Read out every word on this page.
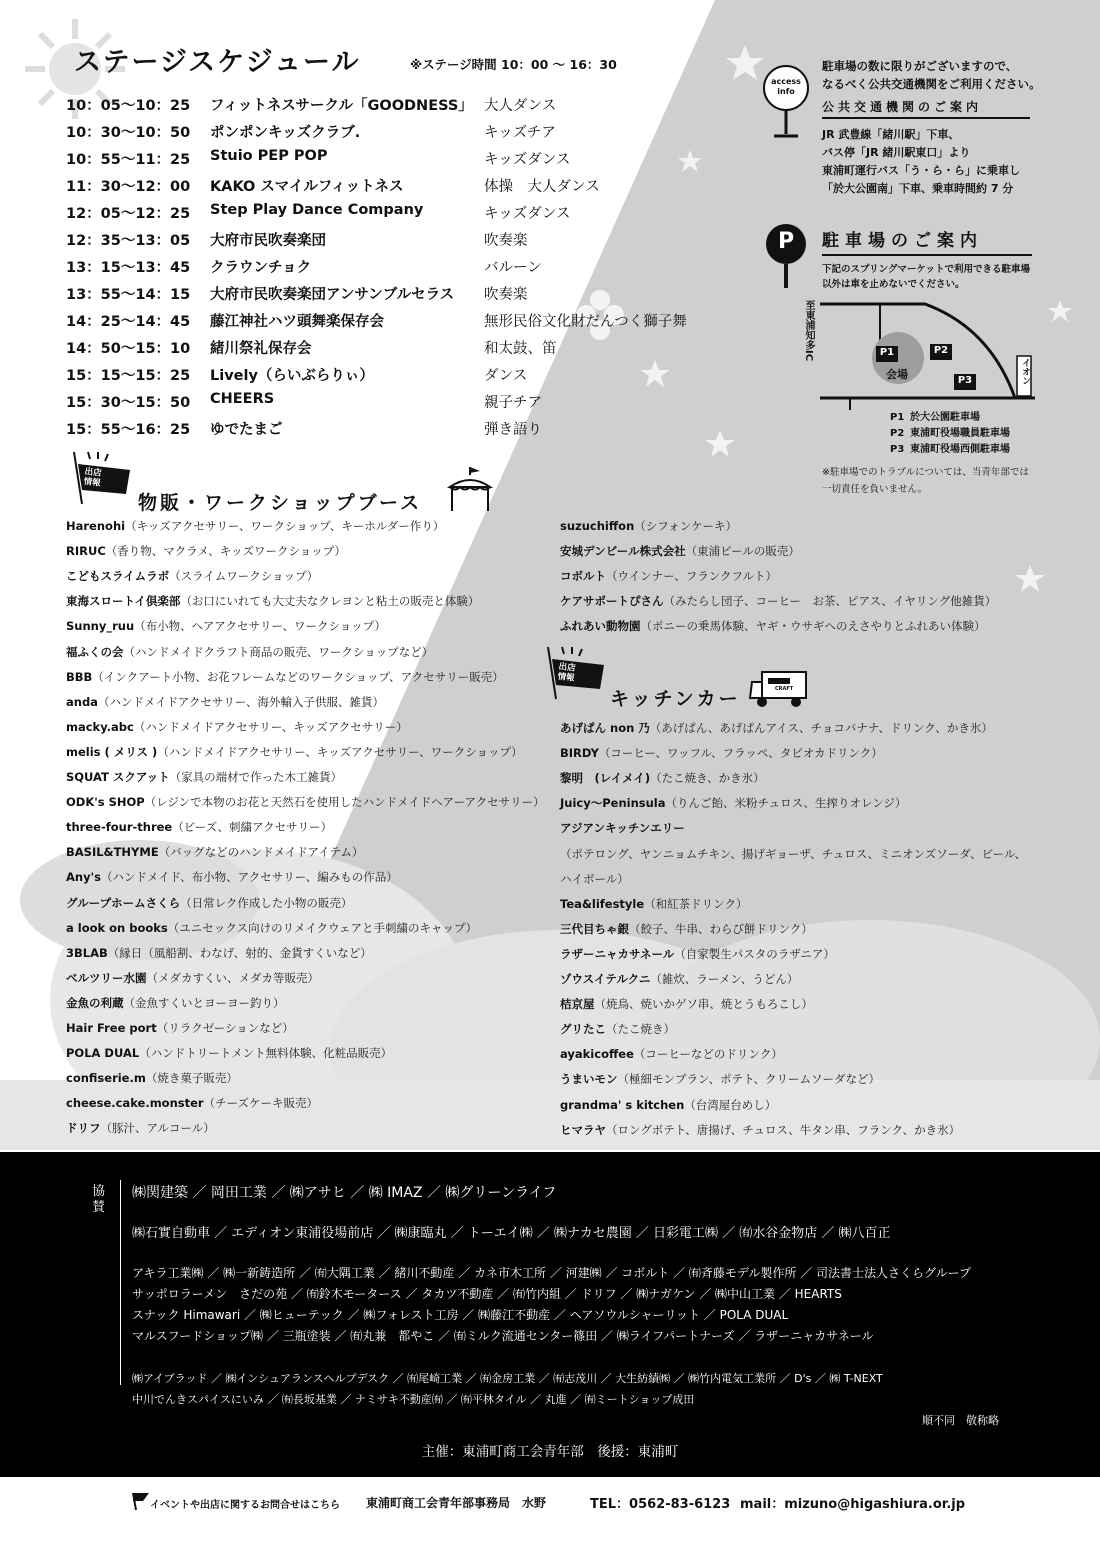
ステージスケジュール	※ステージ時間 10：00 ～ 16：30
10：05～10：25 フィットネスサークル「GOODNESS」 大人ダンス
10：30～10：50 ポンポンキッズクラブ.	キッズチア
10：55～11：25 Stuio PEP POP	キッズダンス
11：30～12：00 KAKO スマイルフィットネス	体操　大人ダンス
12：05～12：25 Step Play Dance Company	キッズダンス
12：35～13：05 大府市民吹奏楽団	吹奏楽
13：15～13：45 クラウンチョク	バルーン
13：55～14：15 大府市民吹奏楽団アンサンブルセラス 吹奏楽
14：25～14：45 藤江神社ハツ頭舞楽保存会	無形民俗文化財だんつく獅子舞
14：50～15：10 緒川祭礼保存会	和太鼓、笛
15：15～15：25 Lively（らいぶらりぃ）	ダンス
15：30～15：50 CHEERS	親子チア
15：55～16：25 ゆでたまご	弾き語り
access
info
駐車場の数に限りがございますので、
なるべく公共交通機関をご利用ください。
公共交通機関のご案内
JR 武豊線「緒川駅」下車、
バス停「JR 緒川駅東口」より
東浦町運行バス「う・ら・ら」に乗車し
「於大公園南」下車、乗車時間約 7 分
P 駐車場のご案内
下記のスプリングマーケットで利用できる駐車場
以外は車を止めないでください。
P1	P2
P3
会場	イオン
至東浦知多IC
P1 於大公園駐車場
P2 東浦町役場職員駐車場
P3 東浦町役場西側駐車場
※駐車場でのトラブルについては、当青年部では
一切責任を負いません。
出店
情報
物販・ワークショップブース
Harenohi（キッズアクセサリー、ワークショップ、キーホルダー作り）
RIRUC（香り物、マクラメ、キッズワークショップ）
こどもスライムラボ（スライムワークショップ）
東海スロートイ倶楽部（お口にいれても大丈夫なクレヨンと粘土の販売と体験）
Sunny_ruu（布小物、ヘアアクセサリー、ワークショップ）
福ふくの会（ハンドメイドクラフト商品の販売、ワークショップなど）
BBB（インクアート小物、お花フレームなどのワークショップ、アクセサリー販売）
anda（ハンドメイドアクセサリー、海外輸入子供服、雑貨）
macky.abc（ハンドメイドアクセサリー、キッズアクセサリー）
melis ( メリス )（ハンドメイドアクセサリー、キッズアクセサリー、ワークショップ）
SQUAT スクアット（家具の端材で作った木工雑貨）
ODK's SHOP（レジンで本物のお花と天然石を使用したハンドメイドヘアーアクセサリー）
three-four-three（ビーズ、刺繍アクセサリー）
BASIL&THYME（バッグなどのハンドメイドアイテム）
Any's（ハンドメイド、布小物、アクセサリー、編みもの作品）
グループホームさくら（日常レク作成した小物の販売）
a look on books（ユニセックス向けのリメイクウェアと手刺繍のキャップ）
3BLAB（縁日（風船割、わなげ、射的、金貨すくいなど）
ベルツリー水園（メダカすくい、メダカ等販売）
金魚の利蔵（金魚すくいとヨーヨー釣り）
Hair Free port（リラクゼーションなど）
POLA DUAL（ハンドトリートメント無料体験、化粧品販売）
confiserie.m（焼き菓子販売）
cheese.cake.monster（チーズケーキ販売）
ドリフ（豚汁、アルコール）
suzuchiffon（シフォンケーキ）
安城デンビール株式会社（東浦ビールの販売）
コボルト（ウインナー、フランクフルト）
ケアサポートぴさん（みたらし団子、コーヒー　お茶、ピアス、イヤリング他雑貨）
ふれあい動物園（ポニーの乗馬体験、ヤギ・ウサギへのえさやりとふれあい体験）
出店
情報
キッチンカー	CRAFT
あげぱん non 乃（あげぱん、あげぱんアイス、チョコバナナ、ドリンク、かき氷）
BIRDY（コーヒー、ワッフル、フラッペ、タピオカドリンク）
黎明　(レイメイ)（たこ焼き、かき氷）
Juicy～Peninsula（りんご飴、米粉チュロス、生搾りオレンジ）
アジアンキッチンエリー
（ポテロング、ヤンニョムチキン、揚げギョーザ、チュロス、ミニオンズソーダ、ビール、
ハイボール）
Tea&lifestyle（和紅茶ドリンク）
三代目ちゃ銀（餃子、牛串、わらび餅ドリンク）
ラザーニャカサネール（自家製生パスタのラザニア）
ゾウスイテルクニ（雑炊、ラーメン、うどん）
桔京屋（焼鳥、焼いかゲソ串、焼とうもろこし）
グリたこ（たこ焼き）
ayakicoffee（コーヒーなどのドリンク）
うまいモン（極細モンブラン、ポテト、クリームソーダなど）
grandma' s kitchen（台湾屋台めし）
ヒマラヤ（ロングポテト、唐揚げ、チュロス、牛タン串、フランク、かき氷）
協
賛
㈱関建築 ／ 岡田工業 ／ ㈱アサヒ ／ ㈱ IMAZ ／ ㈱グリーンライフ
㈱石實自動車 ／ エディオン東浦役場前店 ／ ㈱康臨丸 ／ トーエイ㈱ ／ ㈱ナカセ農園 ／ 日彩電工㈱ ／ ㈲水谷金物店 ／ ㈱八百正
アキラ工業㈱ ／ ㈱一新鋳造所 ／ ㈲大隅工業 ／ 緒川不動産 ／ カネ市木工所 ／ 河建㈱ ／ コボルト ／ ㈲斉藤モデル製作所 ／ 司法書士法人さくらグループ
サッポロラーメン　さだの苑 ／ ㈲鈴木モータース ／ タカツ不動産 ／ ㈲竹内組 ／ ドリフ ／ ㈱ナガケン ／ ㈱中山工業 ／ HEARTS
スナック Himawari ／ ㈱ヒューテック ／ ㈱フォレスト工房 ／ ㈱藤江不動産 ／ ヘアソウルシャーリット ／ POLA DUAL
マルスフードショップ㈱ ／ 三瓶塗装 ／ ㈲丸兼　都やこ ／ ㈲ミルク流通センター篠田 ／ ㈱ライフパートナーズ ／ ラザーニャカサネール
㈱アイブラッド ／ ㈱インシュアランスヘルプデスク ／ ㈲尾崎工業 ／ ㈲金房工業 ／ ㈲志茂川 ／ 大生紡績㈱ ／ ㈱竹内電気工業所 ／ D's ／ ㈱ T-NEXT
中川でんきスパイスにいみ ／ ㈲長坂基業 ／ ナミサキ不動産㈲ ／ ㈲平林タイル ／ 丸進 ／ ㈲ミートショップ成田
順不同　敬称略
主催：東浦町商工会青年部　後援：東浦町
イベントや出店に関するお問合せはこちら 東浦町商工会青年部事務局　水野	TEL：0562-83-6123 mail：mizuno@higashiura.or.jp
